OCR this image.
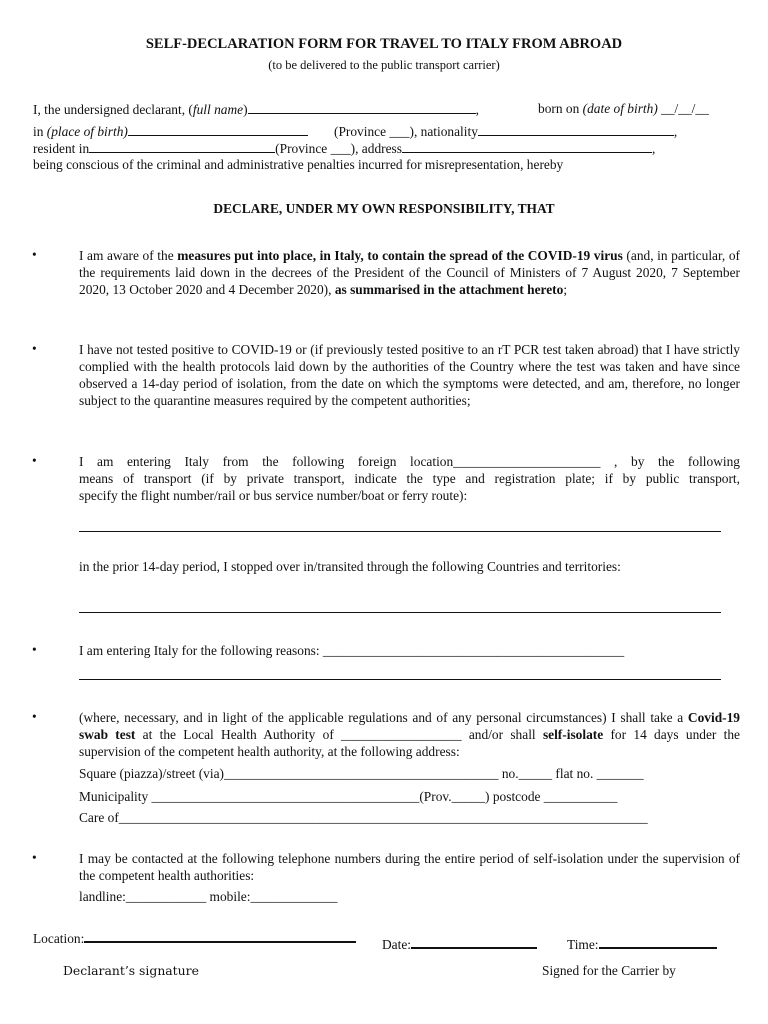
SELF-DECLARATION FORM FOR TRAVEL TO ITALY FROM ABROAD
(to be delivered to the public transport carrier)
I, the undersigned declarant, (full name)	,	born on (date of birth) __/__/__
in (place of birth)	(Province ___), nationality	,
resident in	(Province ___), address	,
being conscious of the criminal and administrative penalties incurred for misrepresentation, hereby
DECLARE, UNDER MY OWN RESPONSIBILITY, THAT
•	I am aware of the measures put into place, in Italy, to contain the spread of the COVID-19 virus (and, in particular, of the requirements laid down in the decrees of the President of the Council of Ministers of 7 August 2020, 7 September 2020, 13 October 2020 and 4 December 2020), as summarised in the attachment hereto;
•	I have not tested positive to COVID-19 or (if previously tested positive to an rT PCR test taken abroad) that I have strictly complied with the health protocols laid down by the authorities of the Country where the test was taken and have since observed a 14-day period of isolation, from the date on which the symptoms were detected, and am, therefore, no longer subject to the quarantine measures required by the competent authorities;
•	I am entering Italy from the following foreign location______________________ , by the following
means of transport (if by private transport, indicate the type and registration plate; if by public transport,
specify the flight number/rail or bus service number/boat or ferry route):
in the prior 14-day period, I stopped over in/transited through the following Countries and territories:
•	I am entering Italy for the following reasons: _____________________________________________
•	(where, necessary, and in light of the applicable regulations and of any personal circumstances) I shall take a Covid-19 swab test at the Local Health Authority of __________________ and/or shall self-isolate for 14 days under the supervision of the competent health authority, at the following address:
Square (piazza)/street (via)_________________________________________ no._____ flat no. _______
Municipality ________________________________________(Prov._____) postcode ___________
Care of_______________________________________________________________________________
•	I may be contacted at the following telephone numbers during the entire period of self-isolation under the supervision of the competent health authorities:
landline:____________ mobile:_____________
Location:	Date:	Time:
Declarant’s signature	Signed for the Carrier by
